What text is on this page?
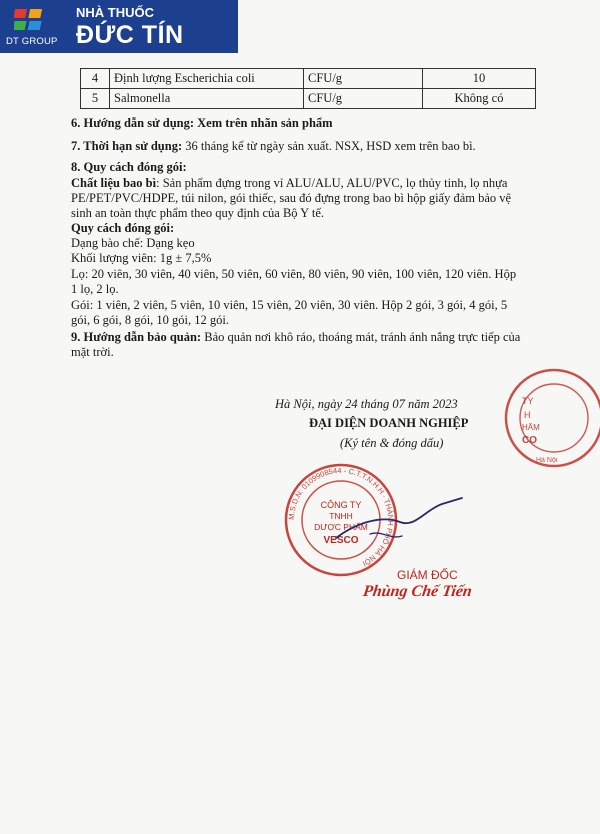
DT GROUP
NHÀ THUỐC
ĐỨC TÍN
4	Định lượng Escherichia coli	CFU/g	10
5	Salmonella	CFU/g	Không có
6. Hướng dẫn sử dụng: Xem trên nhãn sản phẩm
7. Thời hạn sử dụng: 36 tháng kể từ ngày sản xuất. NSX, HSD xem trên bao bì.
8. Quy cách đóng gói:
Chất liệu bao bì: Sản phẩm đựng trong vỉ ALU/ALU, ALU/PVC, lọ thủy tinh, lọ nhựa
PE/PET/PVC/HDPE, túi nilon, gói thiếc, sau đó đựng trong bao bì hộp giấy đảm bảo vệ
sinh an toàn thực phẩm theo quy định của Bộ Y tế.
Quy cách đóng gói:
Dạng bào chế: Dạng kẹo
Khối lượng viên: 1g ± 7,5%
Lọ: 20 viên, 30 viên, 40 viên, 50 viên, 60 viên, 80 viên, 90 viên, 100 viên, 120 viên. Hộp
1 lọ, 2 lọ.
Gói: 1 viên, 2 viên, 5 viên, 10 viên, 15 viên, 20 viên, 30 viên. Hộp 2 gói, 3 gói, 4 gói, 5
gói, 6 gói, 8 gói, 10 gói, 12 gói.
9. Hướng dẫn bảo quản: Bảo quản nơi khô ráo, thoáng mát, tránh ánh nắng trực tiếp của
mặt trời.
Hà Nội, ngày 24 tháng 07 năm 2023
ĐẠI DIỆN DOANH NGHIỆP
(Ký tên & đóng dấu)
TY
H
HẨM
CO
Hà Nội
M.S.D.N: 0109908544 - C.T.T.N.H.H · THÀNH PHỐ HÀ NỘI
CÔNG TY
TNHH
DƯỢC PHẨM
VESCO
GIÁM ĐỐC
Phùng Chế Tiến
